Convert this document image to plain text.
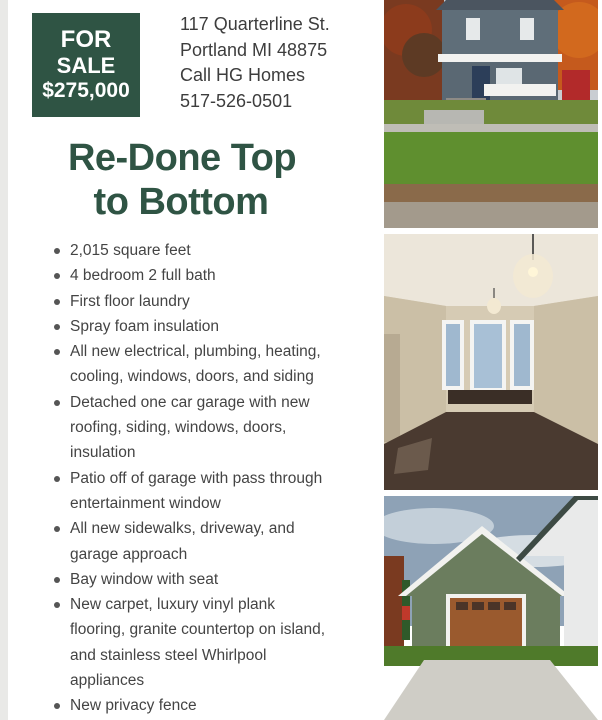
FOR
SALE
$275,000
117 Quarterline St.
Portland MI 48875
Call HG Homes
517-526-0501
Re-Done Top
to Bottom
2,015 square feet
4 bedroom 2 full bath
First floor laundry
Spray foam insulation
All new electrical, plumbing, heating,
cooling, windows, doors, and siding
Detached one car garage with new
roofing, siding, windows, doors,
insulation
Patio off of garage with pass through
entertainment window
All new sidewalks, driveway, and
garage approach
Bay window with seat
New carpet, luxury vinyl plank
flooring, granite countertop on island,
and stainless steel Whirlpool
appliances
New privacy fence
